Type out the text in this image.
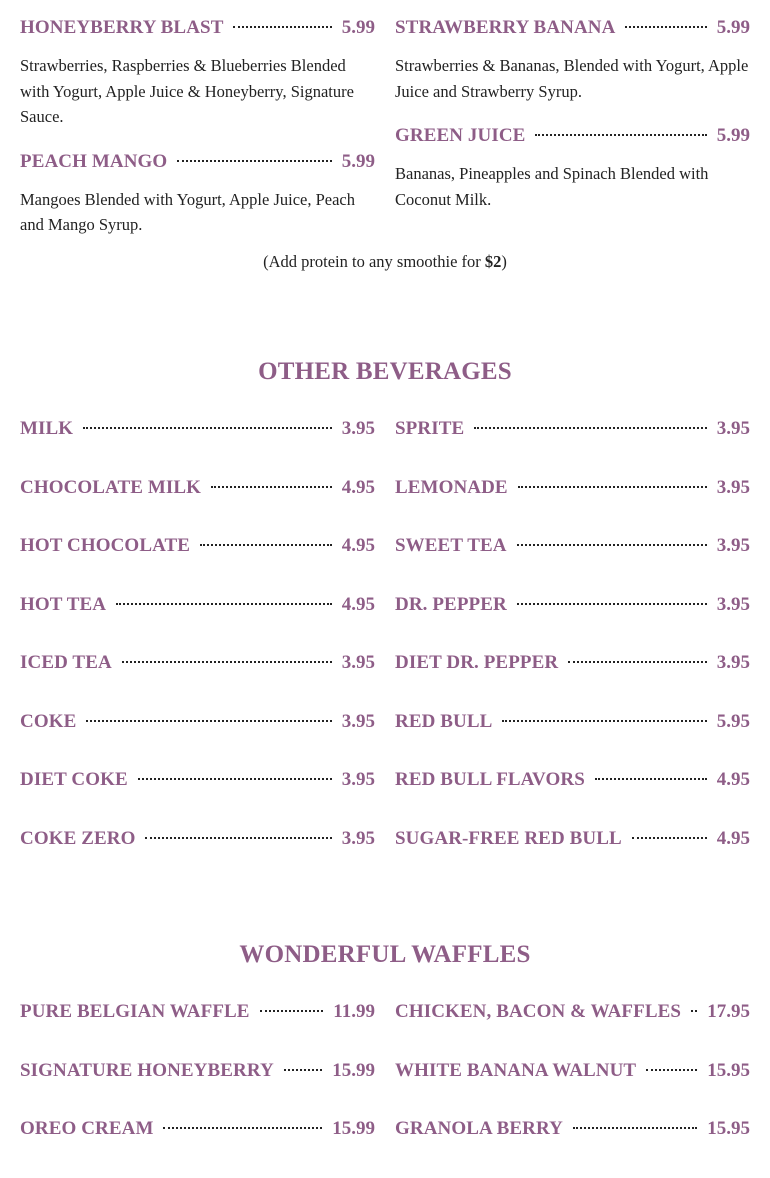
HONEYBERRY BLAST	5.99
Strawberries, Raspberries & Blueberries Blended with Yogurt, Apple Juice & Honeyberry, Signature Sauce.
PEACH MANGO	5.99
Mangoes Blended with Yogurt, Apple Juice, Peach and Mango Syrup.
STRAWBERRY BANANA	5.99
Strawberries & Bananas, Blended with Yogurt, Apple Juice and Strawberry Syrup.
GREEN JUICE	5.99
Bananas, Pineapples and Spinach Blended with Coconut Milk.
(Add protein to any smoothie for $2)
OTHER BEVERAGES
MILK	3.95
CHOCOLATE MILK	4.95
HOT CHOCOLATE	4.95
HOT TEA	4.95
ICED TEA	3.95
COKE	3.95
DIET COKE	3.95
COKE ZERO	3.95
SPRITE	3.95
LEMONADE	3.95
SWEET TEA	3.95
DR. PEPPER	3.95
DIET DR. PEPPER	3.95
RED BULL	5.95
RED BULL FLAVORS	4.95
SUGAR-FREE RED BULL	4.95
WONDERFUL WAFFLES
PURE BELGIAN WAFFLE	11.99
SIGNATURE HONEYBERRY	15.99
OREO CREAM	15.99
CHICKEN, BACON & WAFFLES 17.95
WHITE BANANA WALNUT	15.95
GRANOLA BERRY	15.95
